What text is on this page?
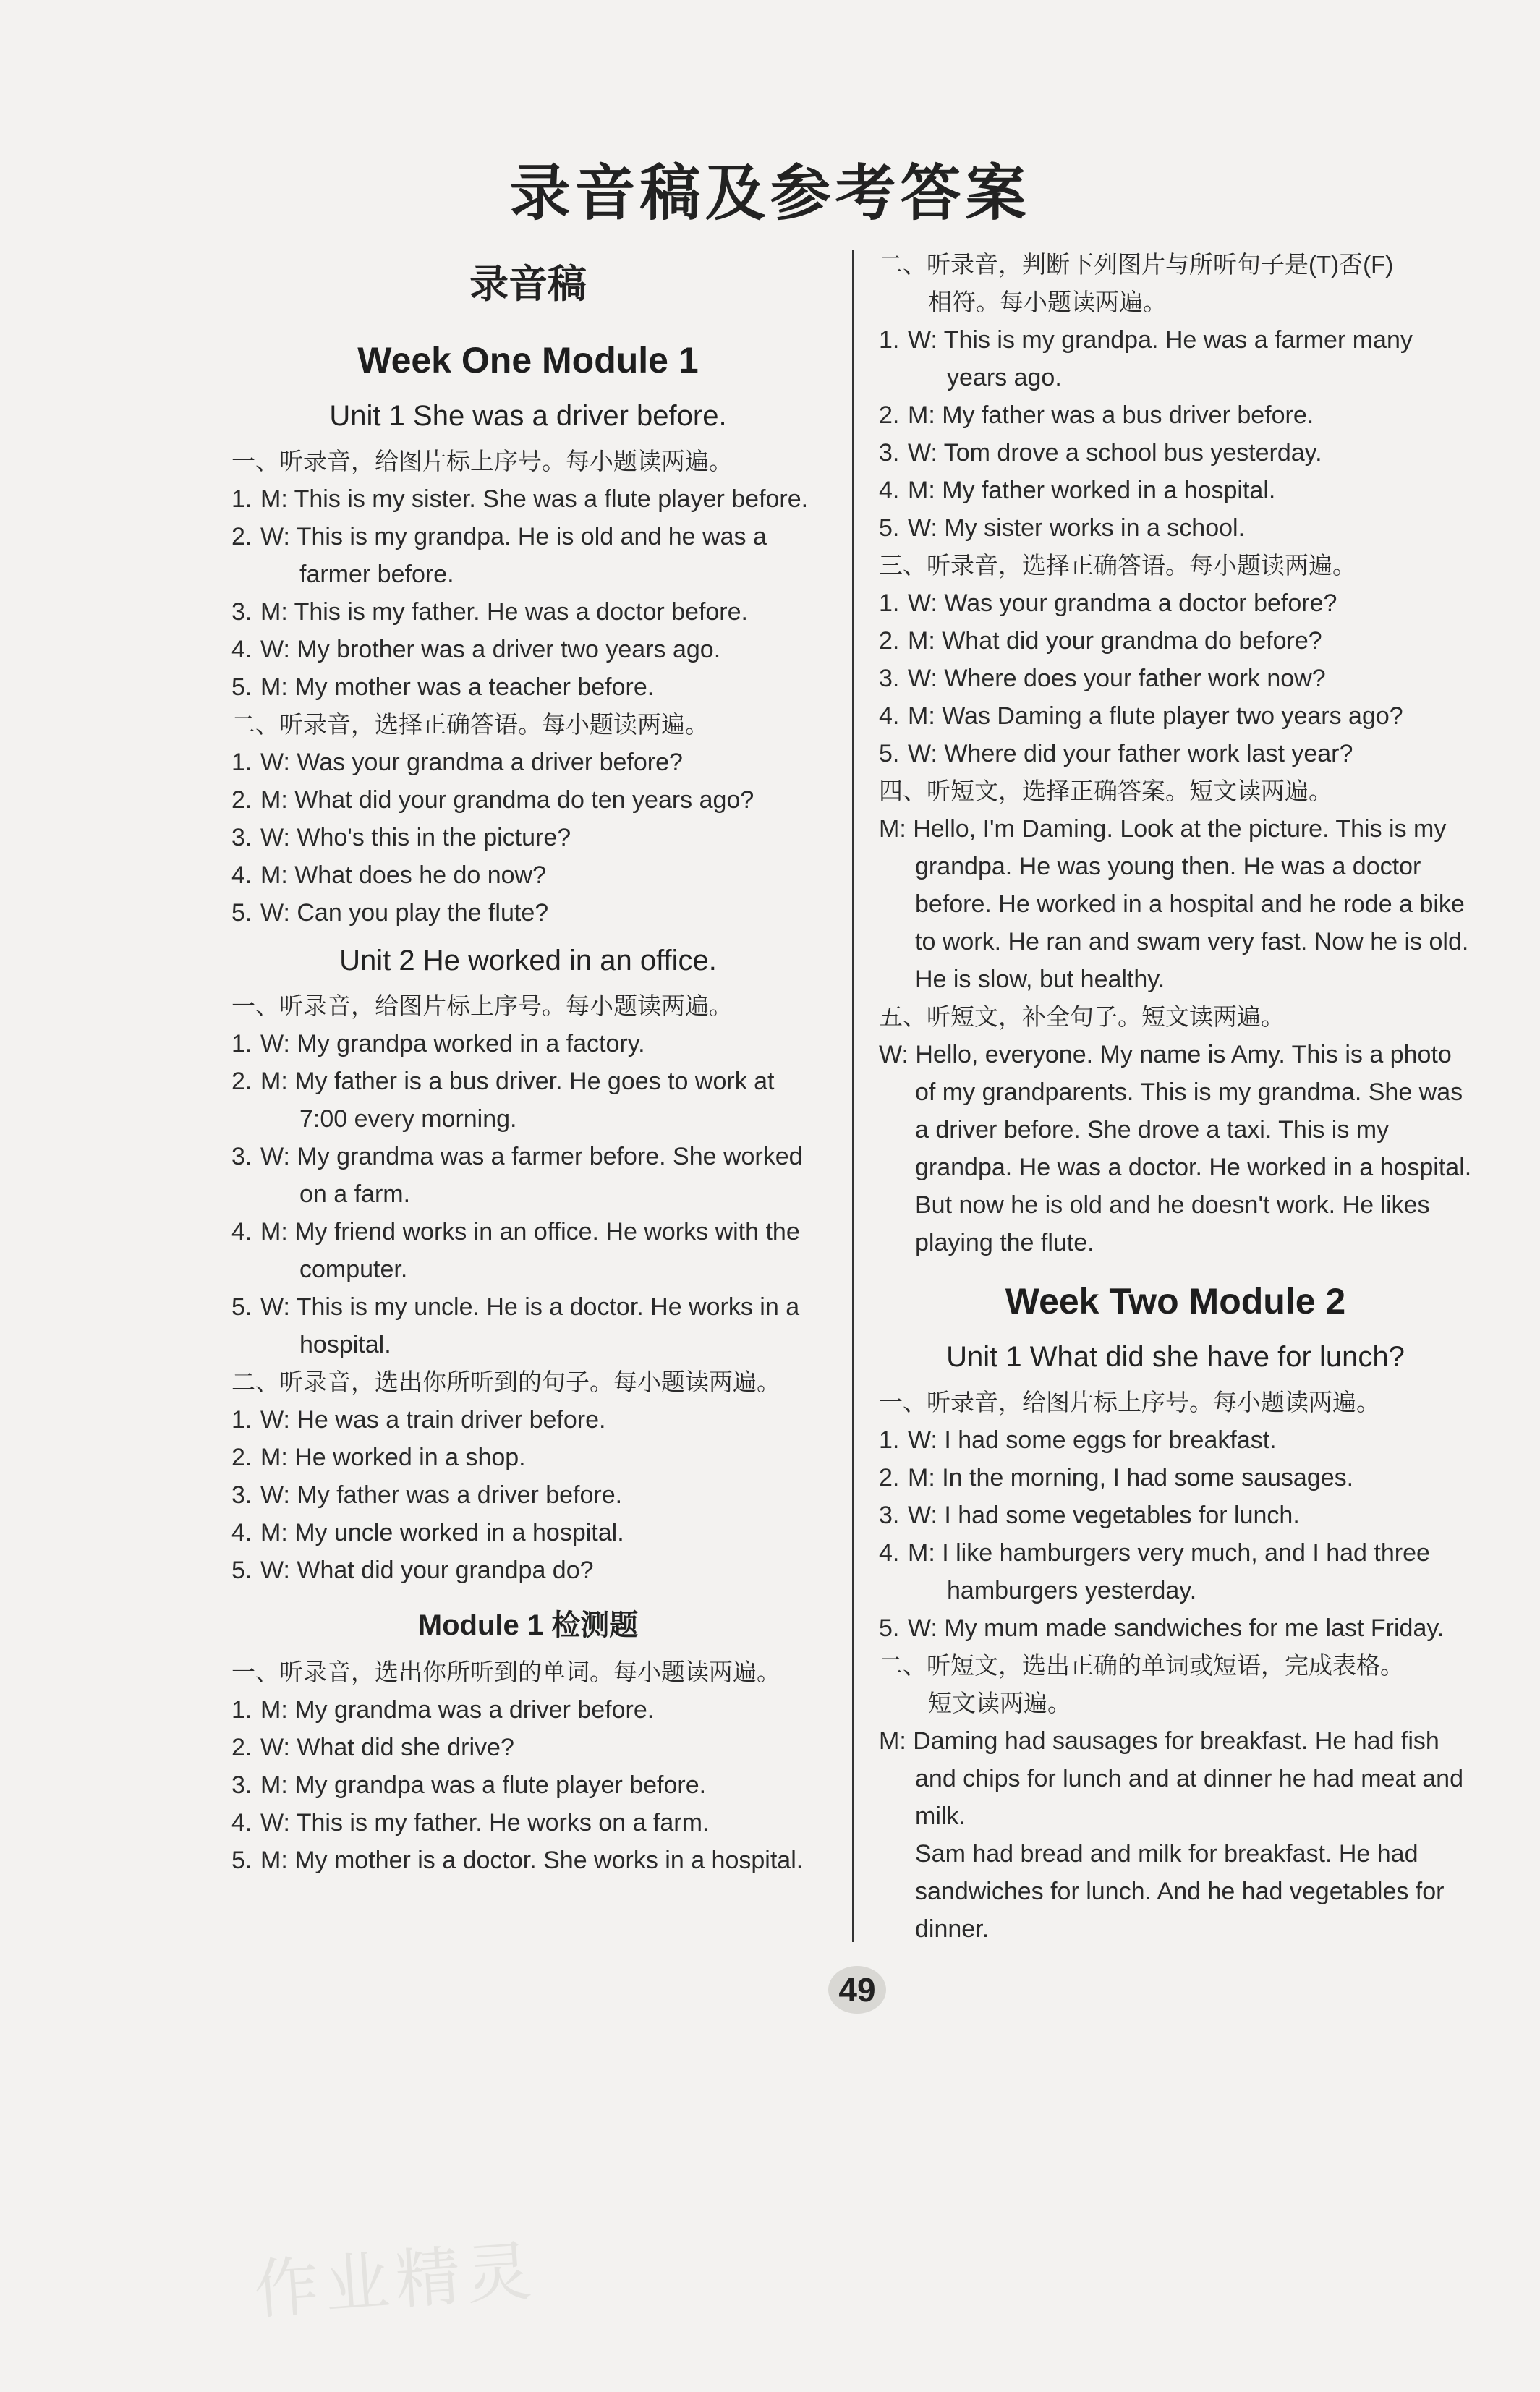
录音稿及参考答案
录音稿
Week One Module 1
Unit 1 She was a driver before.

一、听录音，给图片标上序号。每小题读两遍。

1. M: This is my sister. She was a flute player before.

2. W: This is my grandpa. He is old and he was a farmer before.

3. M: This is my father. He was a doctor before.

4. W: My brother was a driver two years ago.

5. M: My mother was a teacher before.

二、听录音，选择正确答语。每小题读两遍。

1. W: Was your grandma a driver before?

2. M: What did your grandma do ten years ago?

3. W: Who's this in the picture?

4. M: What does he do now?

5. W: Can you play the flute?

Unit 2 He worked in an office.

一、听录音，给图片标上序号。每小题读两遍。

1. W: My grandpa worked in a factory.

2. M: My father is a bus driver. He goes to work at 7:00 every morning.

3. W: My grandma was a farmer before. She worked on a farm.

4. M: My friend works in an office. He works with the computer.

5. W: This is my uncle. He is a doctor. He works in a hospital.

二、听录音，选出你所听到的句子。每小题读两遍。

1. W: He was a train driver before.

2. M: He worked in a shop.

3. W: My father was a driver before.

4. M: My uncle worked in a hospital.

5. W: What did your grandpa do?

Module 1 检测题

一、听录音，选出你所听到的单词。每小题读两遍。

1. M: My grandma was a driver before.

2. W: What did she drive?

3. M: My grandpa was a flute player before.

4. W: This is my father. He works on a farm.

5. M: My mother is a doctor. She works in a hospital.

二、听录音，判断下列图片与所听句子是(T)否(F)
相符。每小题读两遍。

1. W: This is my grandpa. He was a farmer many years ago.

2. M: My father was a bus driver before.

3. W: Tom drove a school bus yesterday.

4. M: My father worked in a hospital.

5. W: My sister works in a school.

三、听录音，选择正确答语。每小题读两遍。

1. W: Was your grandma a doctor before?

2. M: What did your grandma do before?

3. W: Where does your father work now?

4. M: Was Daming a flute player two years ago?

5. W: Where did your father work last year?

四、听短文，选择正确答案。短文读两遍。

M: Hello, I'm Daming. Look at the picture. This is my grandpa. He was young then. He was a doctor before. He worked in a hospital and he rode a bike to work. He ran and swam very fast. Now he is old. He is slow, but healthy.

五、听短文，补全句子。短文读两遍。

W: Hello, everyone. My name is Amy. This is a photo of my grandparents. This is my grandma. She was a driver before. She drove a taxi. This is my grandpa. He was a doctor. He worked in a hospital. But now he is old and he doesn't work. He likes playing the flute.

Week Two Module 2
Unit 1 What did she have for lunch?

一、听录音，给图片标上序号。每小题读两遍。

1. W: I had some eggs for breakfast.

2. M: In the morning, I had some sausages.

3. W: I had some vegetables for lunch.

4. M: I like hamburgers very much, and I had three hamburgers yesterday.

5. W: My mum made sandwiches for me last Friday.

二、听短文，选出正确的单词或短语，完成表格。
短文读两遍。

M: Daming had sausages for breakfast. He had fish and chips for lunch and at dinner he had meat and milk.

Sam had bread and milk for breakfast. He had sandwiches for lunch. And he had vegetables for dinner.

49
作业精灵
